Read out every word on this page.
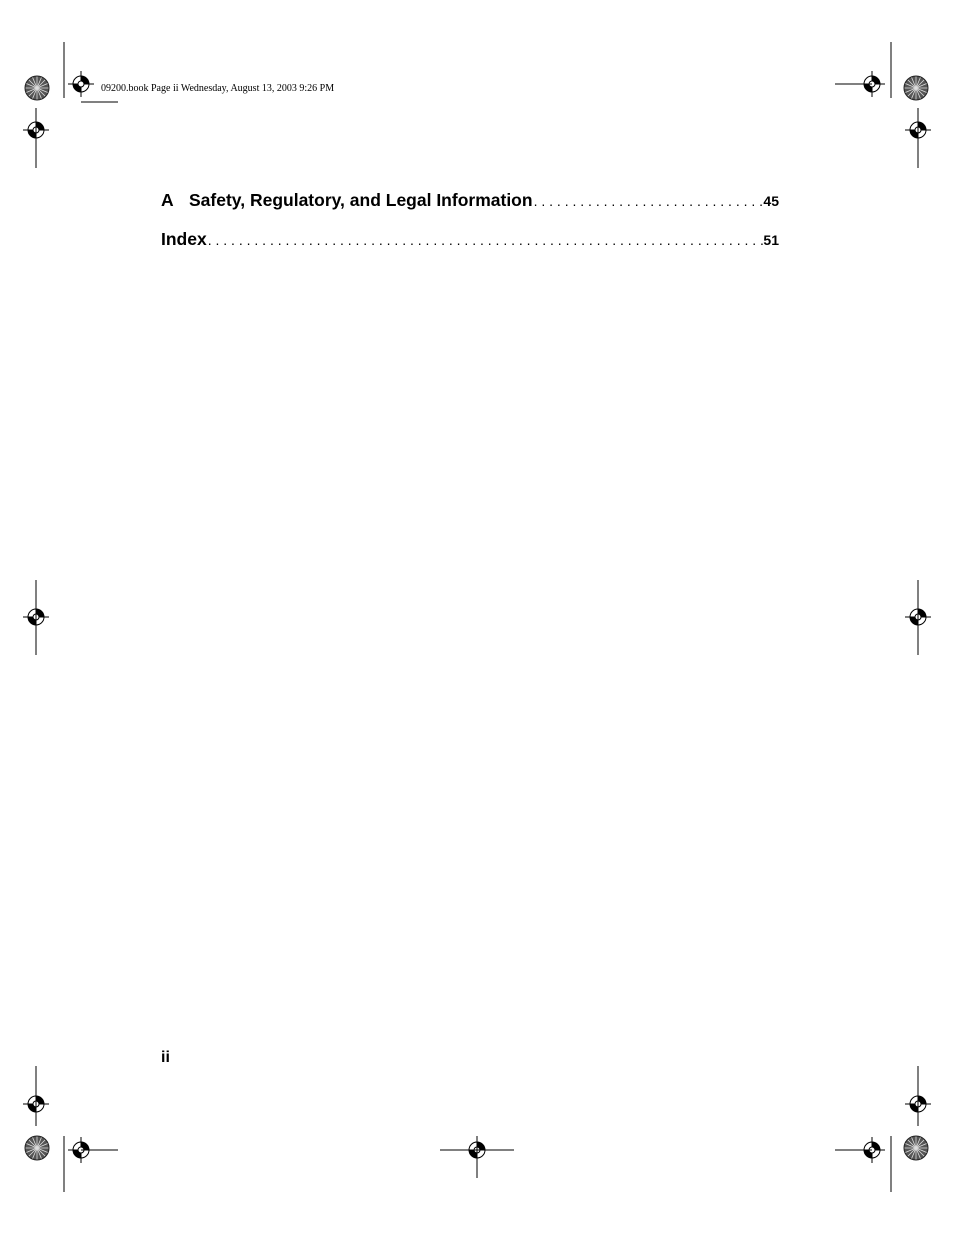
09200.book Page ii Wednesday, August 13, 2003 9:26 PM
A Safety, Regulatory, and Legal Information . . .	45
Index . . .	51
ii
